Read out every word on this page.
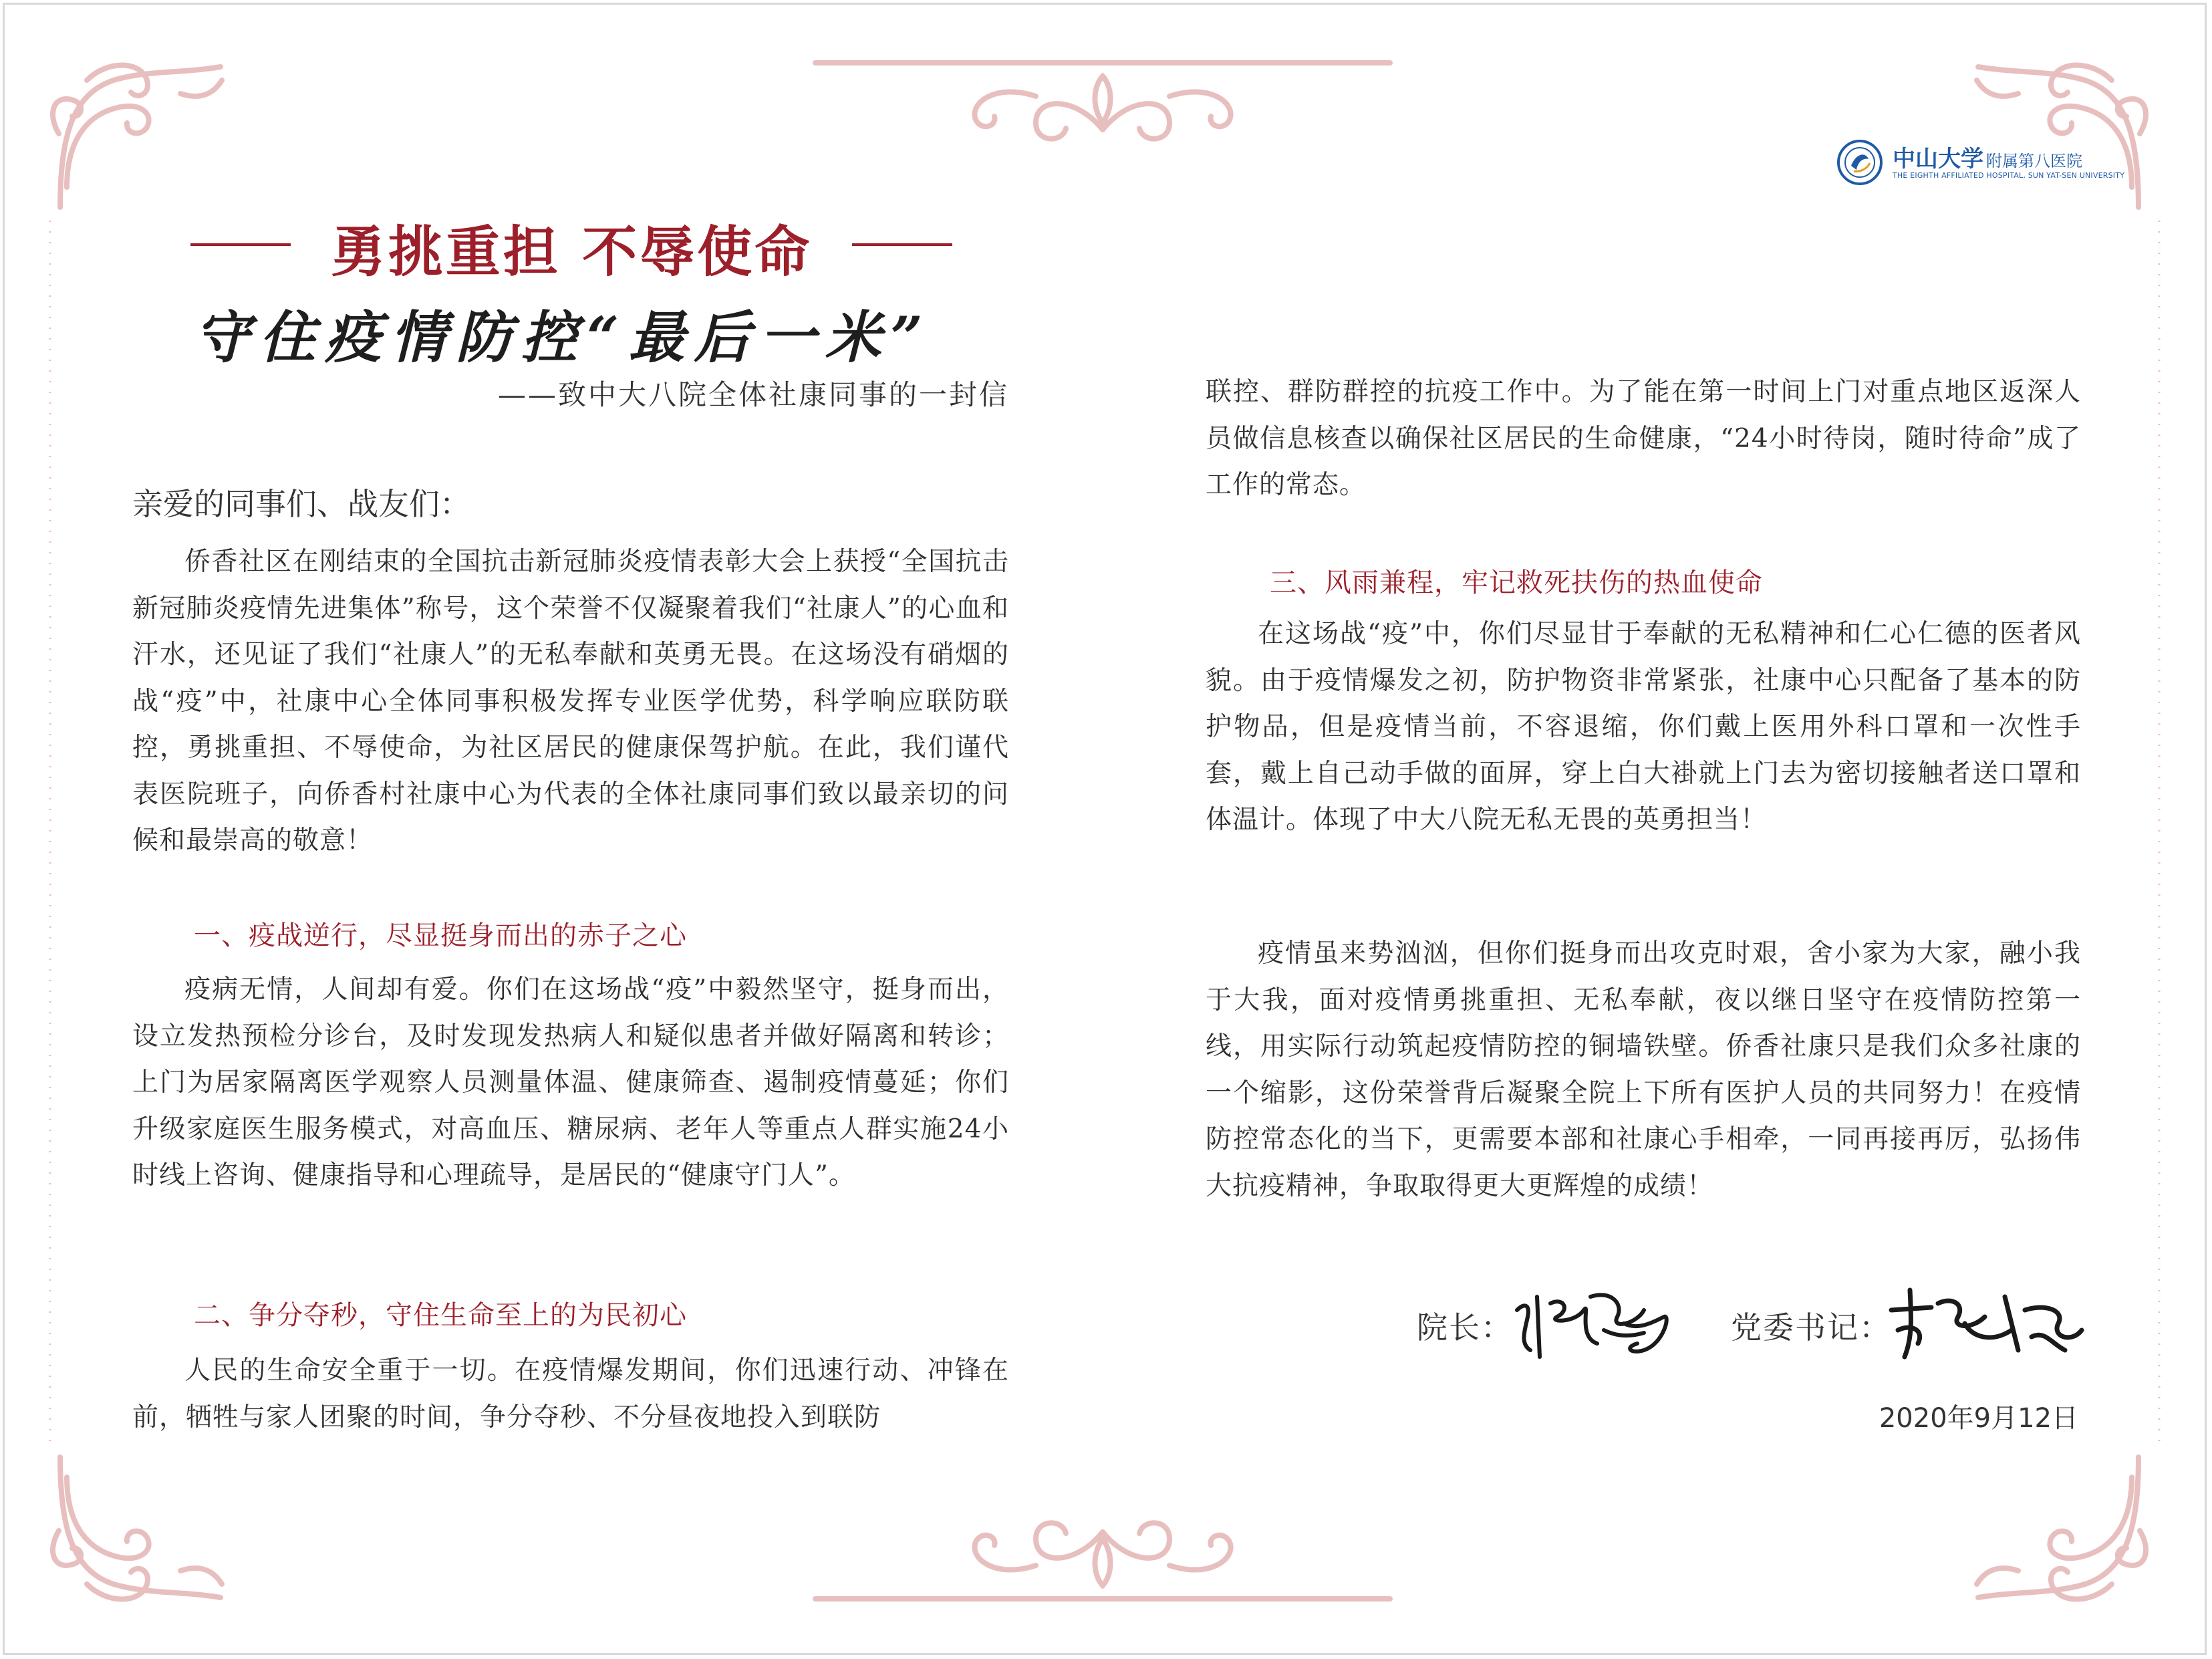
中山大学 附属第八医院
THE EIGHTH AFFILIATED HOSPITAL, SUN YAT-SEN UNIVERSITY
勇挑重担 不辱使命
守住疫情防控“最后一米”
——致中大八院全体社康同事的一封信
亲爱的同事们、战友们：

侨香社区在刚结束的全国抗击新冠肺炎疫情表彰大会上获授“全国抗击新冠肺炎疫情先进集体”称号，这个荣誉不仅凝聚着我们“社康人”的心血和汗水，还见证了我们“社康人”的无私奉献和英勇无畏。在这场没有硝烟的战“疫”中，社康中心全体同事积极发挥专业医学优势，科学响应联防联控，勇挑重担、不辱使命，为社区居民的健康保驾护航。在此，我们谨代表医院班子，向侨香村社康中心为代表的全体社康同事们致以最亲切的问候和最崇高的敬意！

一、疫战逆行，尽显挺身而出的赤子之心

疫病无情，人间却有爱。你们在这场战“疫”中毅然坚守，挺身而出，设立发热预检分诊台，及时发现发热病人和疑似患者并做好隔离和转诊；上门为居家隔离医学观察人员测量体温、健康筛查、遏制疫情蔓延；你们升级家庭医生服务模式，对高血压、糖尿病、老年人等重点人群实施24小时线上咨询、健康指导和心理疏导，是居民的“健康守门人”。

二、争分夺秒，守住生命至上的为民初心

人民的生命安全重于一切。在疫情爆发期间，你们迅速行动、冲锋在前，牺牲与家人团聚的时间，争分夺秒、不分昼夜地投入到联防

联控、群防群控的抗疫工作中。为了能在第一时间上门对重点地区返深人员做信息核查以确保社区居民的生命健康，“24小时待岗，随时待命”成了工作的常态。

三、风雨兼程，牢记救死扶伤的热血使命

在这场战“疫”中，你们尽显甘于奉献的无私精神和仁心仁德的医者风貌。由于疫情爆发之初，防护物资非常紧张，社康中心只配备了基本的防护物品，但是疫情当前，不容退缩，你们戴上医用外科口罩和一次性手套，戴上自己动手做的面屏，穿上白大褂就上门去为密切接触者送口罩和体温计。体现了中大八院无私无畏的英勇担当！

疫情虽来势汹汹，但你们挺身而出攻克时艰，舍小家为大家，融小我于大我，面对疫情勇挑重担、无私奉献，夜以继日坚守在疫情防控第一线，用实际行动筑起疫情防控的铜墙铁壁。侨香社康只是我们众多社康的一个缩影，这份荣誉背后凝聚全院上下所有医护人员的共同努力！在疫情防控常态化的当下，更需要本部和社康心手相牵，一同再接再厉，弘扬伟大抗疫精神，争取取得更大更辉煌的成绩！

院长：	党委书记：
2020年9月12日
